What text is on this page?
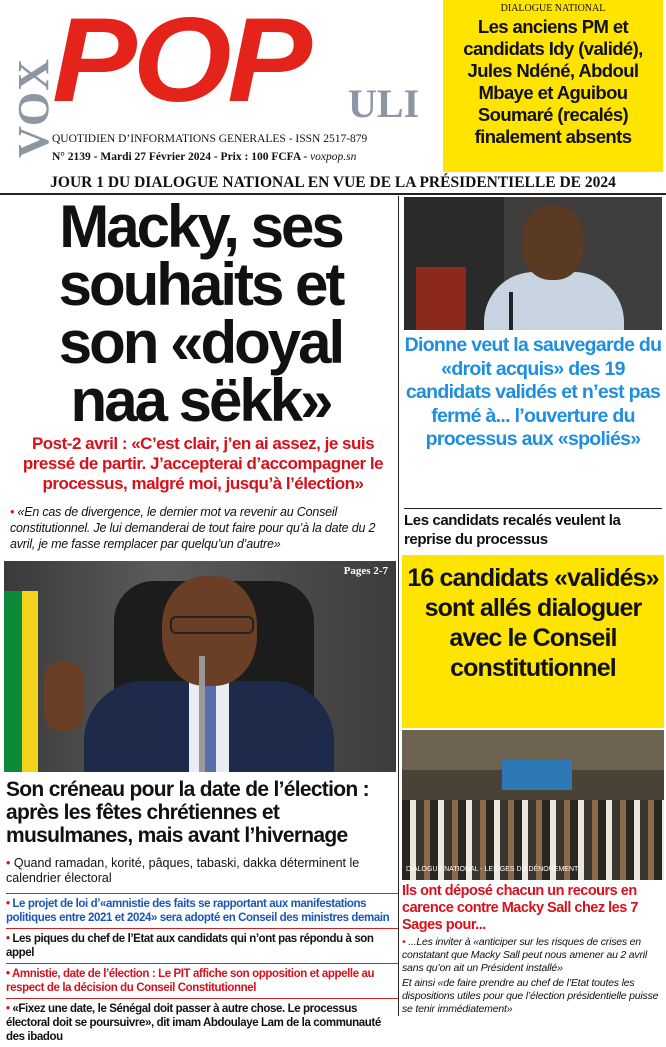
VOX
POP ULI
QUOTIDIEN D’INFORMATIONS GENERALES - ISSN 2517-879
N° 2139 - Mardi 27 Février 2024 - Prix : 100 FCFA - voxpop.sn
DIALOGUE NATIONAL
Les anciens PM et candidats Idy (validé), Jules Ndéné, Abdoul Mbaye et Aguibou Soumaré (recalés) finalement absents
JOUR 1 DU DIALOGUE NATIONAL EN VUE DE LA PRÉSIDENTIELLE DE 2024
Macky, ses souhaits et son «doyal naa sëkk»
Post-2 avril : «C’est clair, j’en ai assez, je suis pressé de partir. J’accepterai d’accompagner le processus, malgré moi, jusqu’à l’élection»
• «En cas de divergence, le dernier mot va revenir au Conseil constitutionnel. Je lui demanderai de tout faire pour qu’à la date du 2 avril, je me fasse remplacer par quelqu’un d’autre»
Pages 2-7
Son créneau pour la date de l’élection : après les fêtes chrétiennes et musulmanes, mais avant l’hivernage
• Quand ramadan, korité, pâques, tabaski, dakka déterminent le calendrier électoral
• Le projet de loi d’«amnistie des faits se rapportant aux manifestations politiques entre 2021 et 2024» sera adopté en Conseil des ministres demain
• Les piques du chef de l’Etat aux candidats qui n’ont pas répondu à son appel
• Amnistie, date de l’élection : Le PIT affiche son opposition et appelle au respect de la décision du Conseil Constitutionnel
• «Fixez une date, le Sénégal doit passer à autre chose. Le processus électoral doit se poursuivre», dit imam Abdoulaye Lam de la communauté des ibadou
Dionne veut la sauvegarde du «droit acquis» des 19 candidats validés et n’est pas fermé à... l’ouverture du processus aux «spoliés»
Les candidats recalés veulent la reprise du processus
16 candidats «validés» sont allés dialoguer avec le Conseil constitutionnel
DIALOGUE NATIONAL - LES GES DU DÉNOUEMENT
Ils ont déposé chacun un recours en carence contre Macky Sall chez les 7 Sages pour...

• ...Les inviter à «anticiper sur les risques de crises en constatant que Macky Sall peut nous amener au 2 avril sans qu’on ait un Président installé»

Et ainsi «de faire prendre au chef de l’Etat toutes les dispositions utiles pour que l’élection présidentielle puisse se tenir immédiatement»
